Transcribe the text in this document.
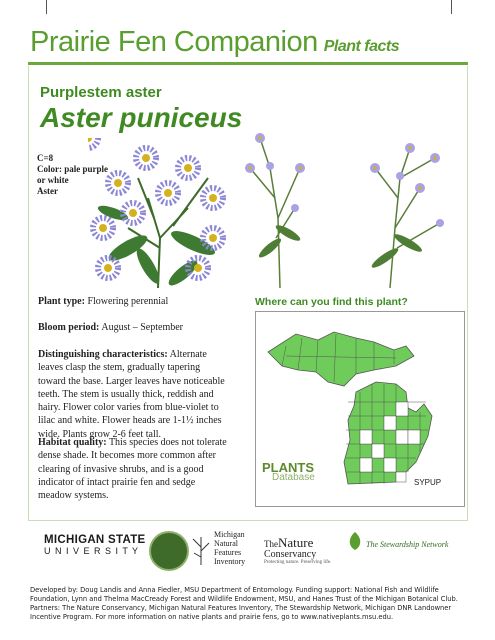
Prairie Fen Companion Plant facts
Purplestem aster
Aster puniceus
C=8
Color: pale purple
or white
Aster
Plant type: Flowering perennial
Bloom period: August – September
Distinguishing characteristics: Alternate leaves clasp the stem, gradually tapering toward the base. Larger leaves have noticeable teeth. The stem is usually thick, reddish and hairy. Flower color varies from blue-violet to lilac and white. Flower heads are 1-1½ inches wide. Plants grow 2-6 feet tall.
Habitat quality: This species does not tolerate dense shade. It becomes more common after clearing of invasive shrubs, and is a good indicator of intact prairie fen and sedge meadow systems.
Where can you find this plant?
PLANTS
Database	SYPUP
MICHIGAN STATE
U N I V E R S I T Y
Michigan
Natural
Features
Inventory
TheNature
Conservancy
Protecting nature. Preserving life.
The Stewardship Network
Developed by: Doug Landis and Anna Fiedler, MSU Department of Entomology. Funding support: National Fish and Wildlife Foundation, Lynn and Thelma MacCready Forest and Wildlife Endowment, MSU, and Hanes Trust of the Michigan Botanical Club. Partners: The Nature Conservancy, Michigan Natural Features Inventory, The Stewardship Network, Michigan DNR Landowner Incentive Program. For more information on native plants and prairie fens, go to www.nativeplants.msu.edu.
